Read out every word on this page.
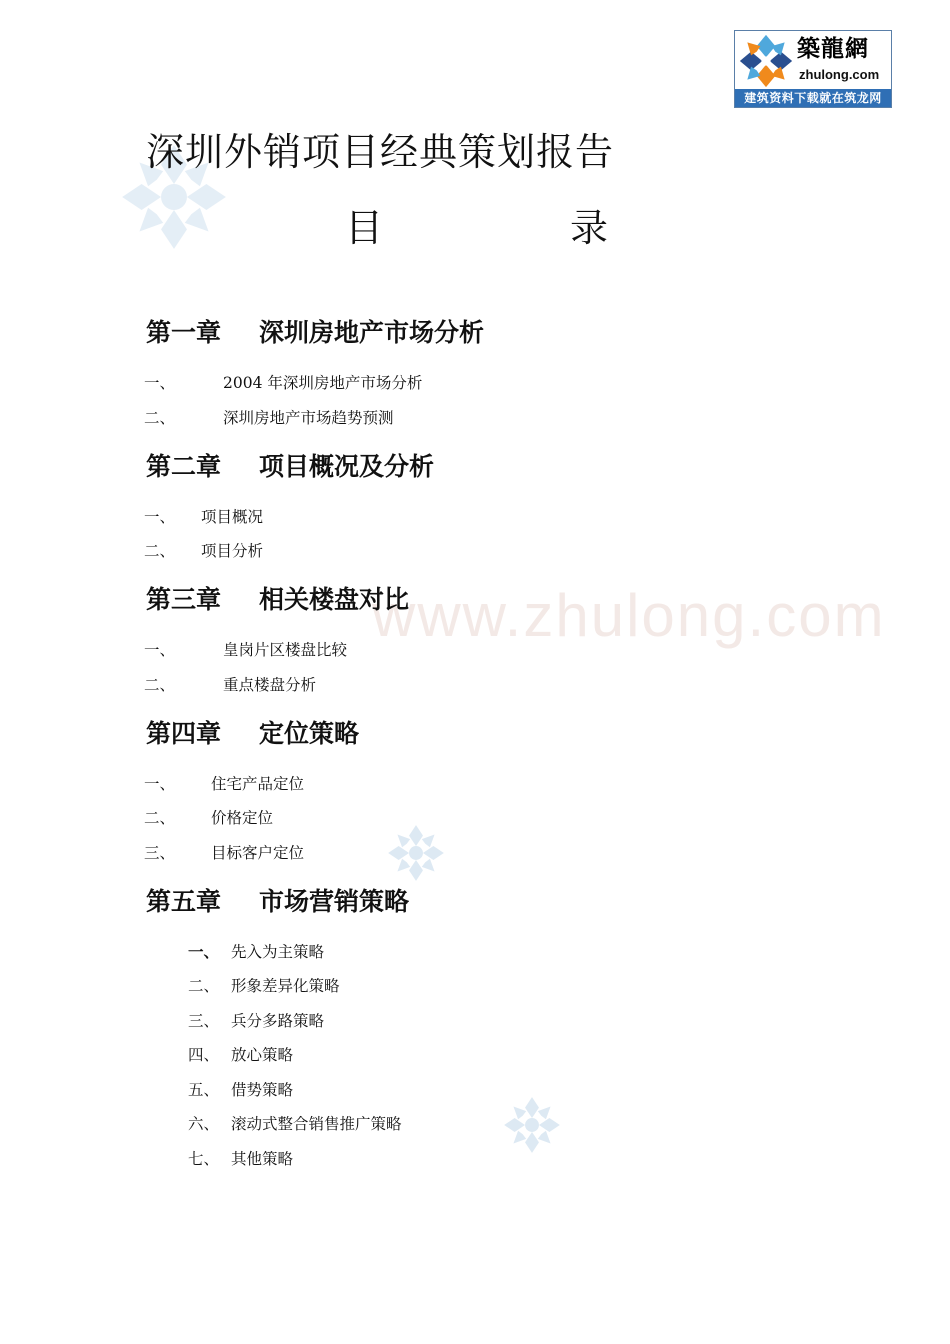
www.zhulong.com
築龍網
zhulong.com
建筑资料下载就在筑龙网
深圳外销项目经典策划报告
目	录
第一章 深圳房地产市场分析
一、	2004 年深圳房地产市场分析
二、	深圳房地产市场趋势预测
第二章 项目概况及分析
一、 项目概况
二、 项目分析
第三章 相关楼盘对比
一、	皇岗片区楼盘比较
二、	重点楼盘分析
第四章 定位策略
一、 住宅产品定位
二、 价格定位
三、 目标客户定位
第五章 市场营销策略
一、 先入为主策略
二、 形象差异化策略
三、 兵分多路策略
四、 放心策略
五、 借势策略
六、 滚动式整合销售推广策略
七、 其他策略
